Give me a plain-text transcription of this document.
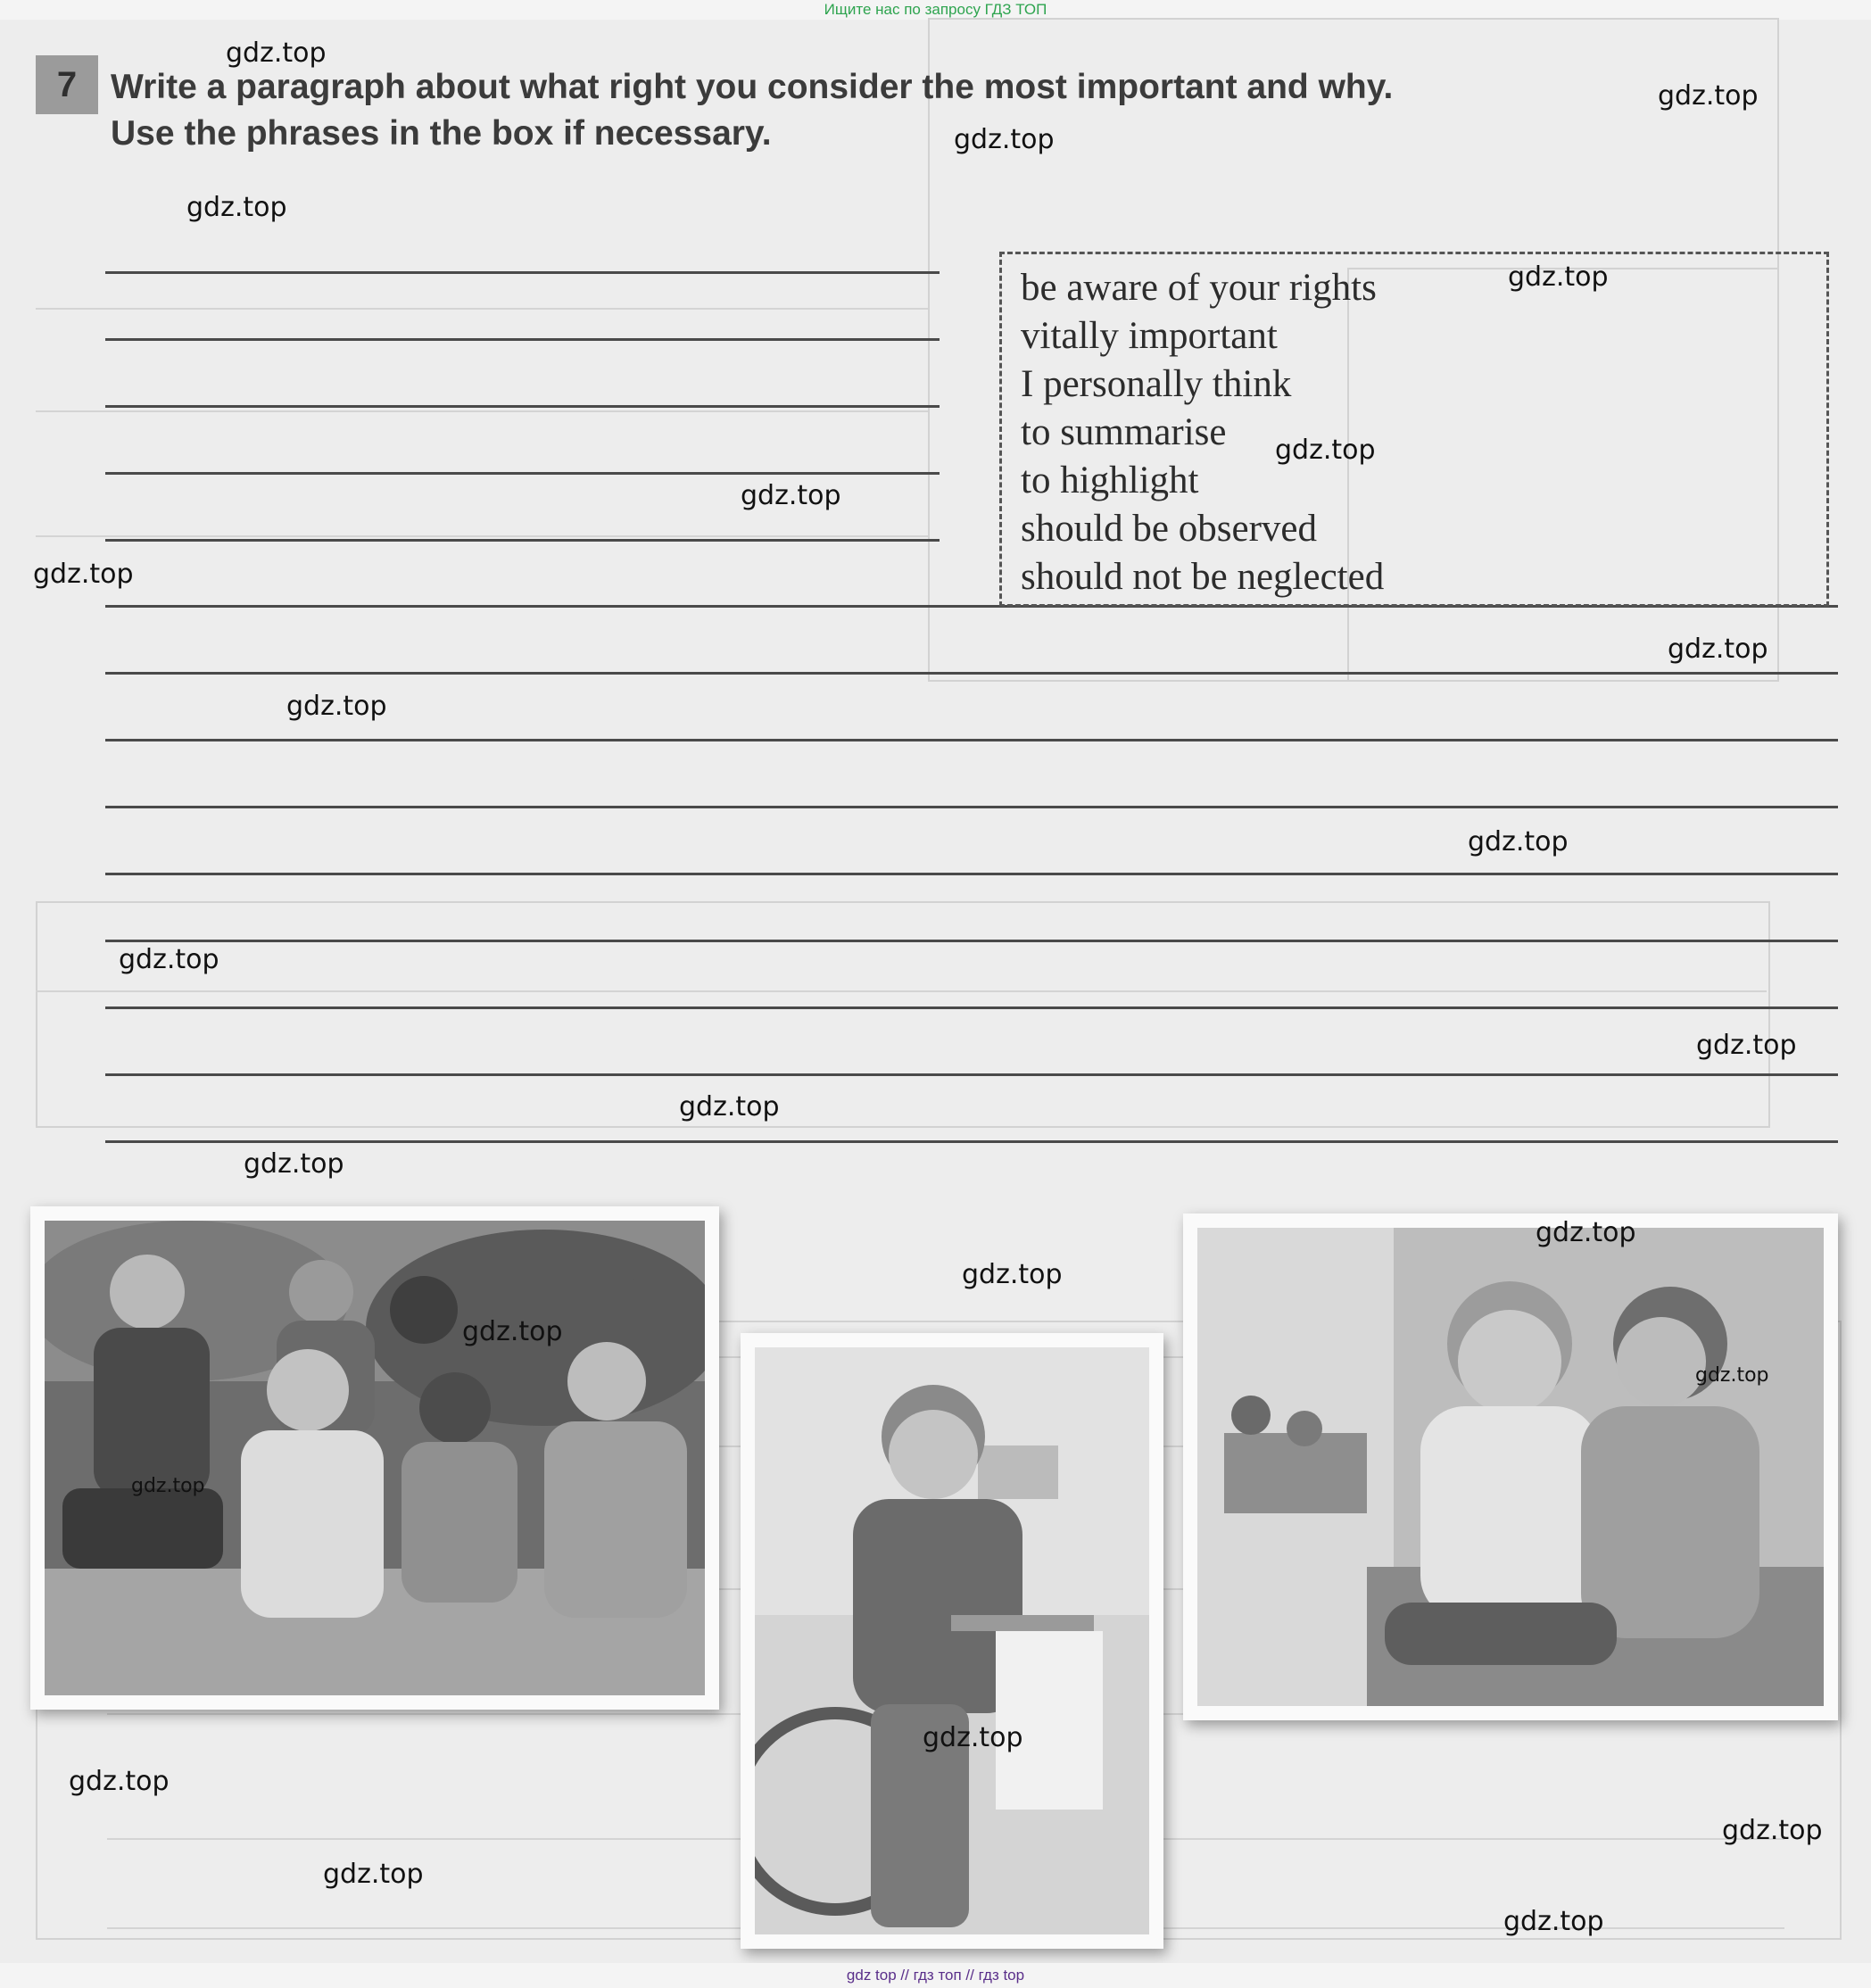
Ищите нас по запросу ГДЗ ТОП
7 Write a paragraph about what right you consider the most important and why.
Use the phrases in the box if necessary.
be aware of your rights
vitally important
I personally think
to summarise
to highlight
should be observed
should not be neglected
gdz.top
gdz.top
gdz.top
gdz.top
gdz.top
gdz.top
gdz.top
gdz.top
gdz.top
gdz.top
gdz.top
gdz.top
gdz.top
gdz.top
gdz.top
gdz.top
gdz.top
gdz.top
gdz.top
gdz.top
gdz.top
gdz.top
gdz.top
gdz.top
gdz.top
gdz top // гдз топ // гдз top
